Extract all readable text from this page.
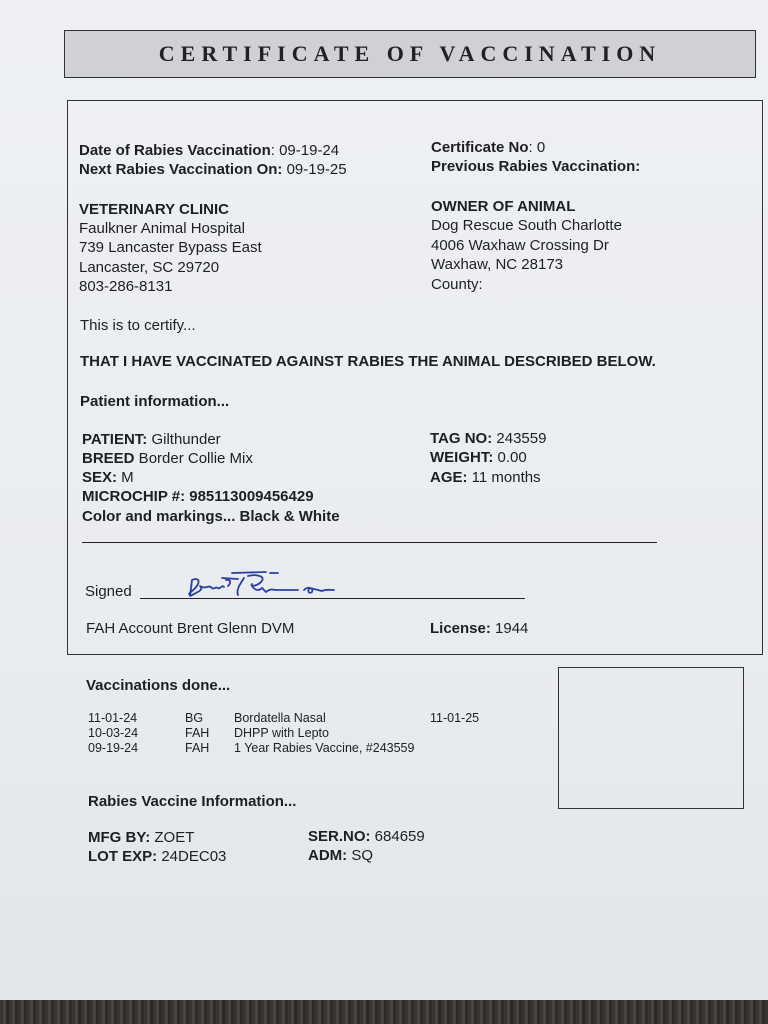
CERTIFICATE OF VACCINATION
Date of Rabies Vaccination: 09-19-24
Next Rabies Vaccination On: 09-19-25
Certificate No: 0
Previous Rabies Vaccination:
VETERINARY CLINIC
Faulkner Animal Hospital
739 Lancaster Bypass East
Lancaster, SC 29720
803-286-8131
OWNER OF ANIMAL
Dog Rescue South Charlotte
4006 Waxhaw Crossing Dr
Waxhaw, NC 28173
County:
This is to certify...
THAT I HAVE VACCINATED AGAINST RABIES THE ANIMAL DESCRIBED BELOW.
Patient information...
PATIENT: Gilthunder
BREED Border Collie Mix
SEX: M
MICROCHIP #: 985113009456429
Color and markings... Black & White
TAG NO: 243559
WEIGHT: 0.00
AGE: 11 months
Signed
FAH Account Brent Glenn DVM	License: 1944
Vaccinations done...
11-01-24	BG Bordatella Nasal	11-01-25
10-03-24	FAH DHPP with Lepto
09-19-24	FAH 1 Year Rabies Vaccine, #243559
Rabies Vaccine Information...
MFG BY: ZOET
LOT EXP: 24DEC03
SER.NO: 684659
ADM: SQ
